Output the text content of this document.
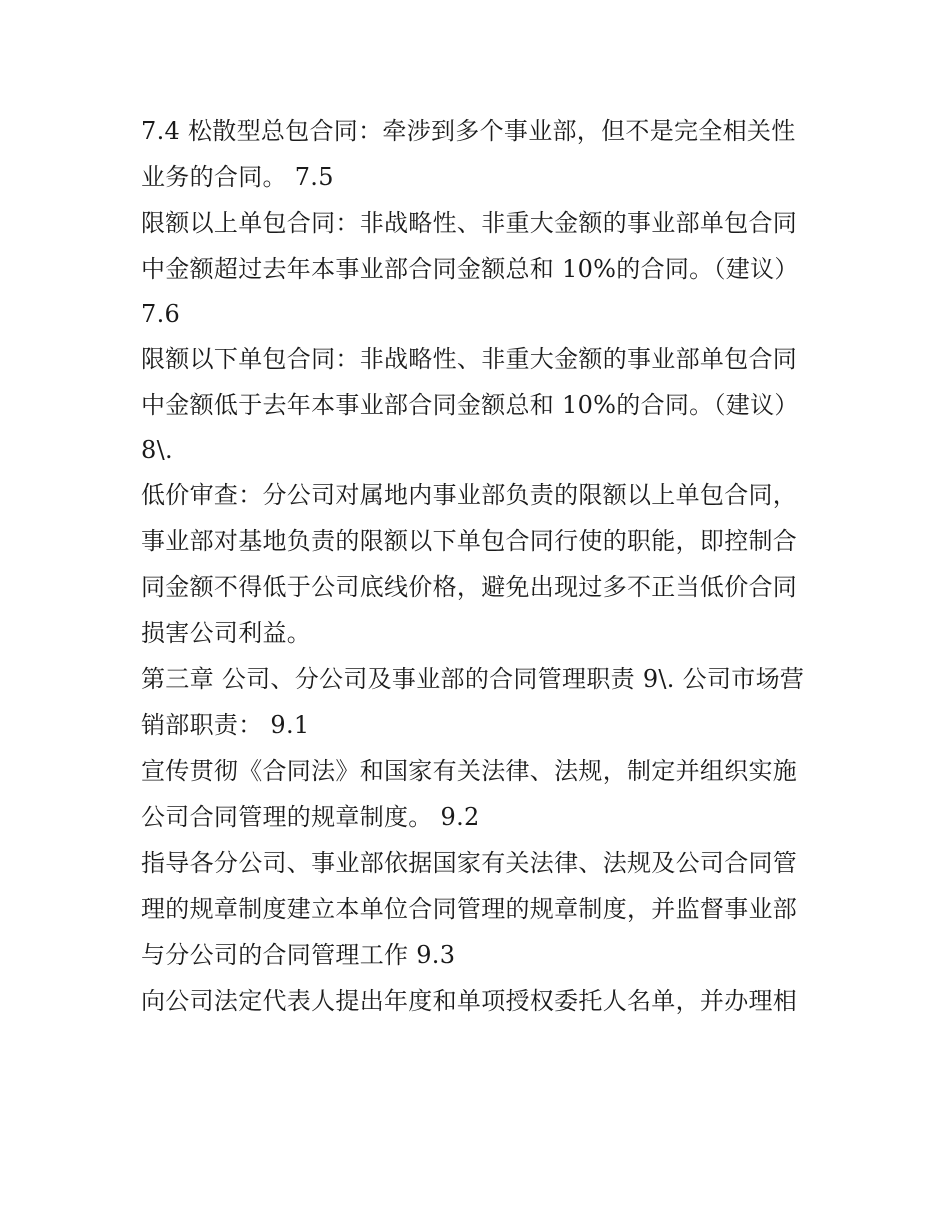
7.4 松散型总包合同：牵涉到多个事业部，但不是完全相关性
业务的合同。 7.5
限额以上单包合同：非战略性、非重大金额的事业部单包合同
中金额超过去年本事业部合同金额总和 10%的合同。（建议）
7.6
限额以下单包合同：非战略性、非重大金额的事业部单包合同
中金额低于去年本事业部合同金额总和 10%的合同。（建议）
8\.
低价审查：分公司对属地内事业部负责的限额以上单包合同，
事业部对基地负责的限额以下单包合同行使的职能，即控制合
同金额不得低于公司底线价格，避免出现过多不正当低价合同
损害公司利益。
第三章 公司、分公司及事业部的合同管理职责 9\. 公司市场营
销部职责： 9.1
宣传贯彻《合同法》和国家有关法律、法规，制定并组织实施
公司合同管理的规章制度。 9.2
指导各分公司、事业部依据国家有关法律、法规及公司合同管
理的规章制度建立本单位合同管理的规章制度，并监督事业部
与分公司的合同管理工作 9.3
向公司法定代表人提出年度和单项授权委托人名单，并办理相
